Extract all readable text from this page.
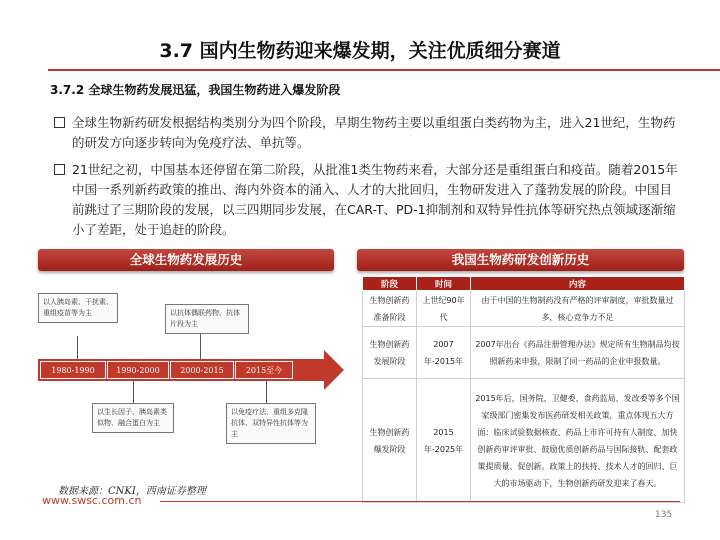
3.7 国内生物药迎来爆发期，关注优质细分赛道
3.7.2 全球生物药发展迅猛，我国生物药进入爆发阶段
全球生物新药研发根据结构类别分为四个阶段，早期生物药主要以重组蛋白类药物为主，进入21世纪，生物药的研发方向逐步转向为免疫疗法、单抗等。
21世纪之初，中国基本还停留在第二阶段，从批准1类生物药来看，大部分还是重组蛋白和疫苗。随着2015年中国一系列新药政策的推出、海内外资本的涌入、人才的大批回归，生物研发进入了蓬勃发展的阶段。中国目前跳过了三期阶段的发展，以三四期同步发展，在CAR-T、PD-1抑制剂和双特异性抗体等研究热点领域逐渐缩小了差距，处于追赶的阶段。
全球生物药发展历史
以人胰岛素、干扰素、重组疫苗等为主	以抗体偶联药物、抗体片段为主
1980-1990	1990-2000	2000-2015	2015至今
以生长因子、胰岛素类似物、融合蛋白为主
以免疫疗法、重组多克隆抗体、双特异性抗体等为主
数据来源：CNKI，西南证券整理
我国生物药研发创新历史
阶段	时间	内容
生物创新药准备阶段	上世纪90年代	由于中国的生物制药没有严格的评审制度，审批数量过多，核心竞争力不足
生物创新药发展阶段	2007年-2015年	2007年出台《药品注册管理办法》规定所有生物制品均按照新药来申报，限制了同一药品的企业申报数量。
生物创新药爆发阶段	2015年-2025年	2015年后，国务院、卫健委、食药监局、发改委等多个国家级部门密集发布医药研发相关政策，重点体现五大方面：临床试验数据核查、药品上市许可持有人制度、加快创新药审评审批、鼓励优质创新药品与国际接轨、配套政策提质量、促创新。政策上的扶持、技术人才的回归、巨大的市场驱动下，生物创新药研发迎来了春天。
www.swsc.com.cn
135
